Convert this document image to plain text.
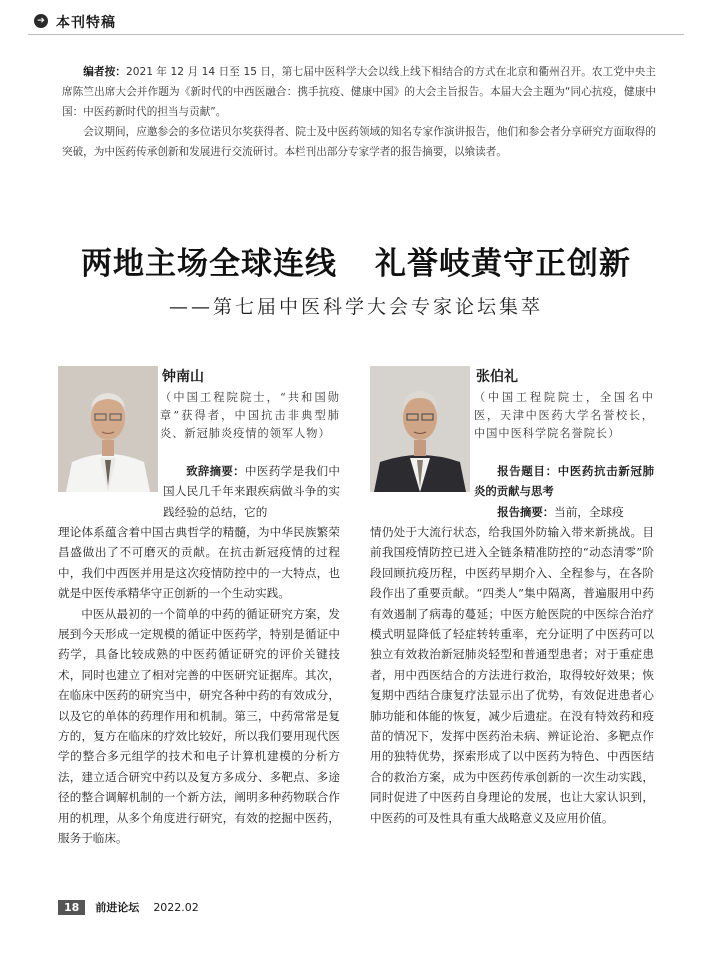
➔ 本刊特稿

编者按：2021 年 12 月 14 日至 15 日，第七届中医科学大会以线上线下相结合的方式在北京和衢州召开。农工党中央主席陈竺出席大会并作题为《新时代的中西医融合：携手抗疫、健康中国》的大会主旨报告。本届大会主题为“同心抗疫，健康中国：中医药新时代的担当与贡献”。

会议期间，应邀参会的多位诺贝尔奖获得者、院士及中医药领域的知名专家作演讲报告，他们和参会者分享研究方面取得的突破，为中医药传承创新和发展进行交流研讨。本栏刊出部分专家学者的报告摘要，以飨读者。

两地主场全球连线 礼誉岐黄守正创新
——第七届中医科学大会专家论坛集萃
钟南山
（中国工程院院士，“共和国勋章”获得者，中国抗击非典型肺炎、新冠肺炎疫情的领军人物）

致辞摘要：中医药学是我们中国人民几千年来跟疾病做斗争的实践经验的总结，它的

理论体系蕴含着中国古典哲学的精髓，为中华民族繁荣昌盛做出了不可磨灭的贡献。在抗击新冠疫情的过程中，我们中西医并用是这次疫情防控中的一大特点，也就是中医传承精华守正创新的一个生动实践。

中医从最初的一个简单的中药的循证研究方案，发展到今天形成一定规模的循证中医药学，特别是循证中药学，具备比较成熟的中医药循证研究的评价关键技术，同时也建立了相对完善的中医研究证据库。其次，在临床中医药的研究当中，研究各种中药的有效成分，以及它的单体的药理作用和机制。第三，中药常常是复方的，复方在临床的疗效比较好，所以我们要用现代医学的整合多元组学的技术和电子计算机建模的分析方法，建立适合研究中药以及复方多成分、多靶点、多途径的整合调解机制的一个新方法，阐明多种药物联合作用的机理，从多个角度进行研究，有效的挖掘中医药，服务于临床。

张伯礼
（中国工程院院士，全国名中医，天津中医药大学名誉校长，中国中医科学院名誉院长）

报告题目：中医药抗击新冠肺炎的贡献与思考

报告摘要：当前，全球疫

情仍处于大流行状态，给我国外防输入带来新挑战。目前我国疫情防控已进入全链条精准防控的“动态清零”阶段回顾抗疫历程，中医药早期介入、全程参与，在各阶段作出了重要贡献。“四类人”集中隔离，普遍服用中药有效遏制了病毒的蔓延；中医方舱医院的中医综合治疗模式明显降低了轻症转转重率，充分证明了中医药可以独立有效救治新冠肺炎轻型和普通型患者；对于重症患者，用中西医结合的方法进行救治，取得较好效果；恢复期中西结合康复疗法显示出了优势，有效促进患者心肺功能和体能的恢复，减少后遗症。在没有特效药和疫苗的情况下，发挥中医药治未病、辨证论治、多靶点作用的独特优势，探索形成了以中医药为特色、中西医结合的救治方案，成为中医药传承创新的一次生动实践，同时促进了中医药自身理论的发展，也让大家认识到，中医药的可及性具有重大战略意义及应用价值。

18 前进论坛 2022.02
